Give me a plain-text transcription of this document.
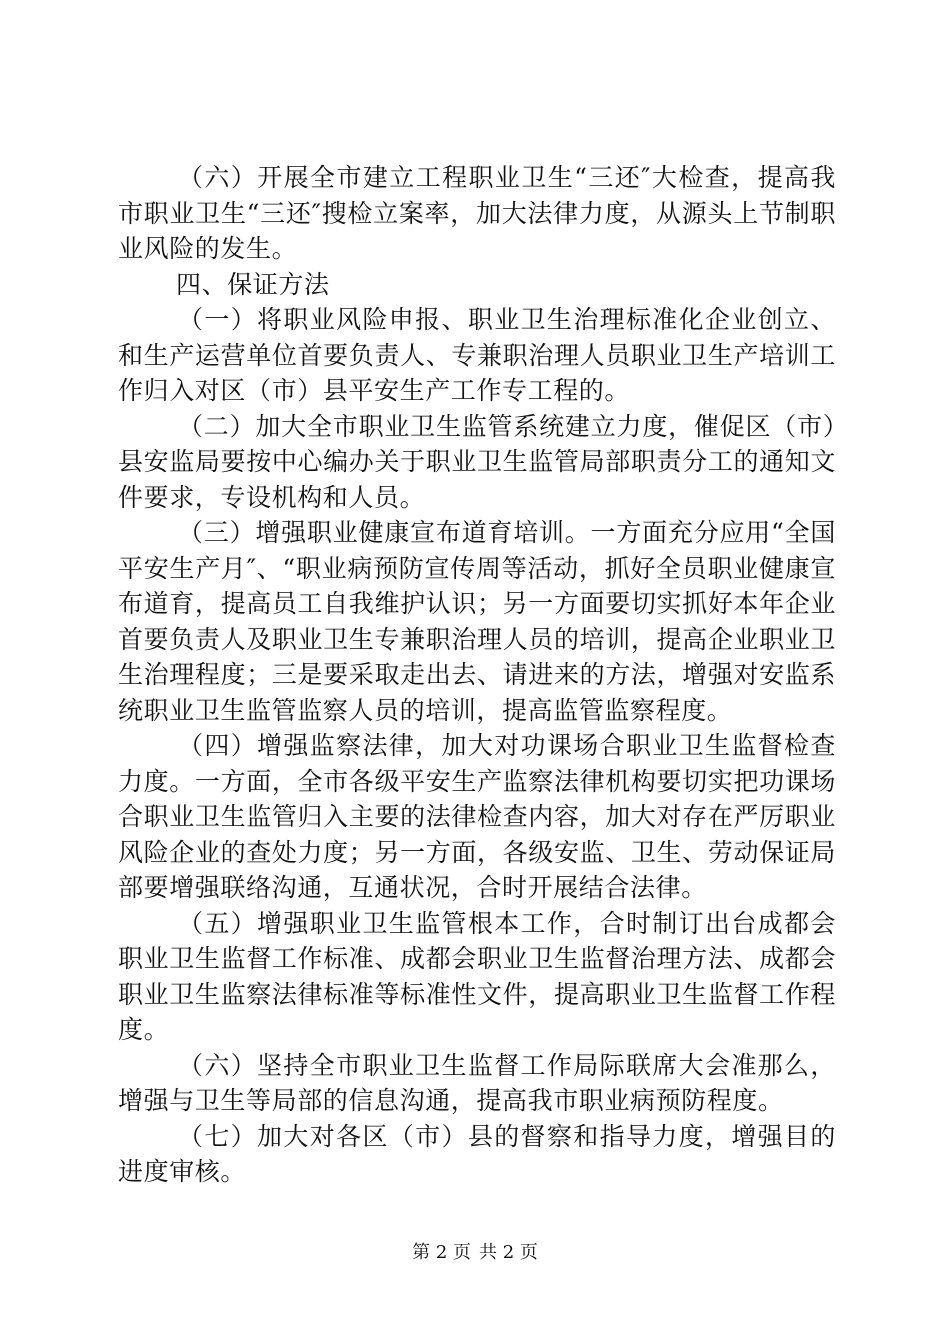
（六）开展全市建立工程职业卫生“三还″大检查，提高我市职业卫生“三还″搜检立案率，加大法律力度，从源头上节制职业风险的发生。

四、保证方法

（一）将职业风险申报、职业卫生治理标准化企业创立、和生产运营单位首要负责人、专兼职治理人员职业卫生产培训工作归入对区（市）县平安生产工作专工程的。

（二）加大全市职业卫生监管系统建立力度，催促区（市）县安监局要按中心编办关于职业卫生监管局部职责分工的通知文件要求，专设机构和人员。

（三）增强职业健康宣布道育培训。一方面充分应用“全国平安生产月″、“职业病预防宣传周等活动，抓好全员职业健康宣布道育，提高员工自我维护认识；另一方面要切实抓好本年企业首要负责人及职业卫生专兼职治理人员的培训，提高企业职业卫生治理程度；三是要采取走出去、请进来的方法，增强对安监系统职业卫生监管监察人员的培训，提高监管监察程度。

（四）增强监察法律，加大对功课场合职业卫生监督检查力度。一方面，全市各级平安生产监察法律机构要切实把功课场合职业卫生监管归入主要的法律检查内容，加大对存在严厉职业风险企业的查处力度；另一方面，各级安监、卫生、劳动保证局部要增强联络沟通，互通状况，合时开展结合法律。

（五）增强职业卫生监管根本工作，合时制订出台成都会职业卫生监督工作标准、成都会职业卫生监督治理方法、成都会职业卫生监察法律标准等标准性文件，提高职业卫生监督工作程度。

（六）坚持全市职业卫生监督工作局际联席大会准那么，增强与卫生等局部的信息沟通，提高我市职业病预防程度。

（七）加大对各区（市）县的督察和指导力度，增强目的进度审核。

第 2 页 共 2 页
